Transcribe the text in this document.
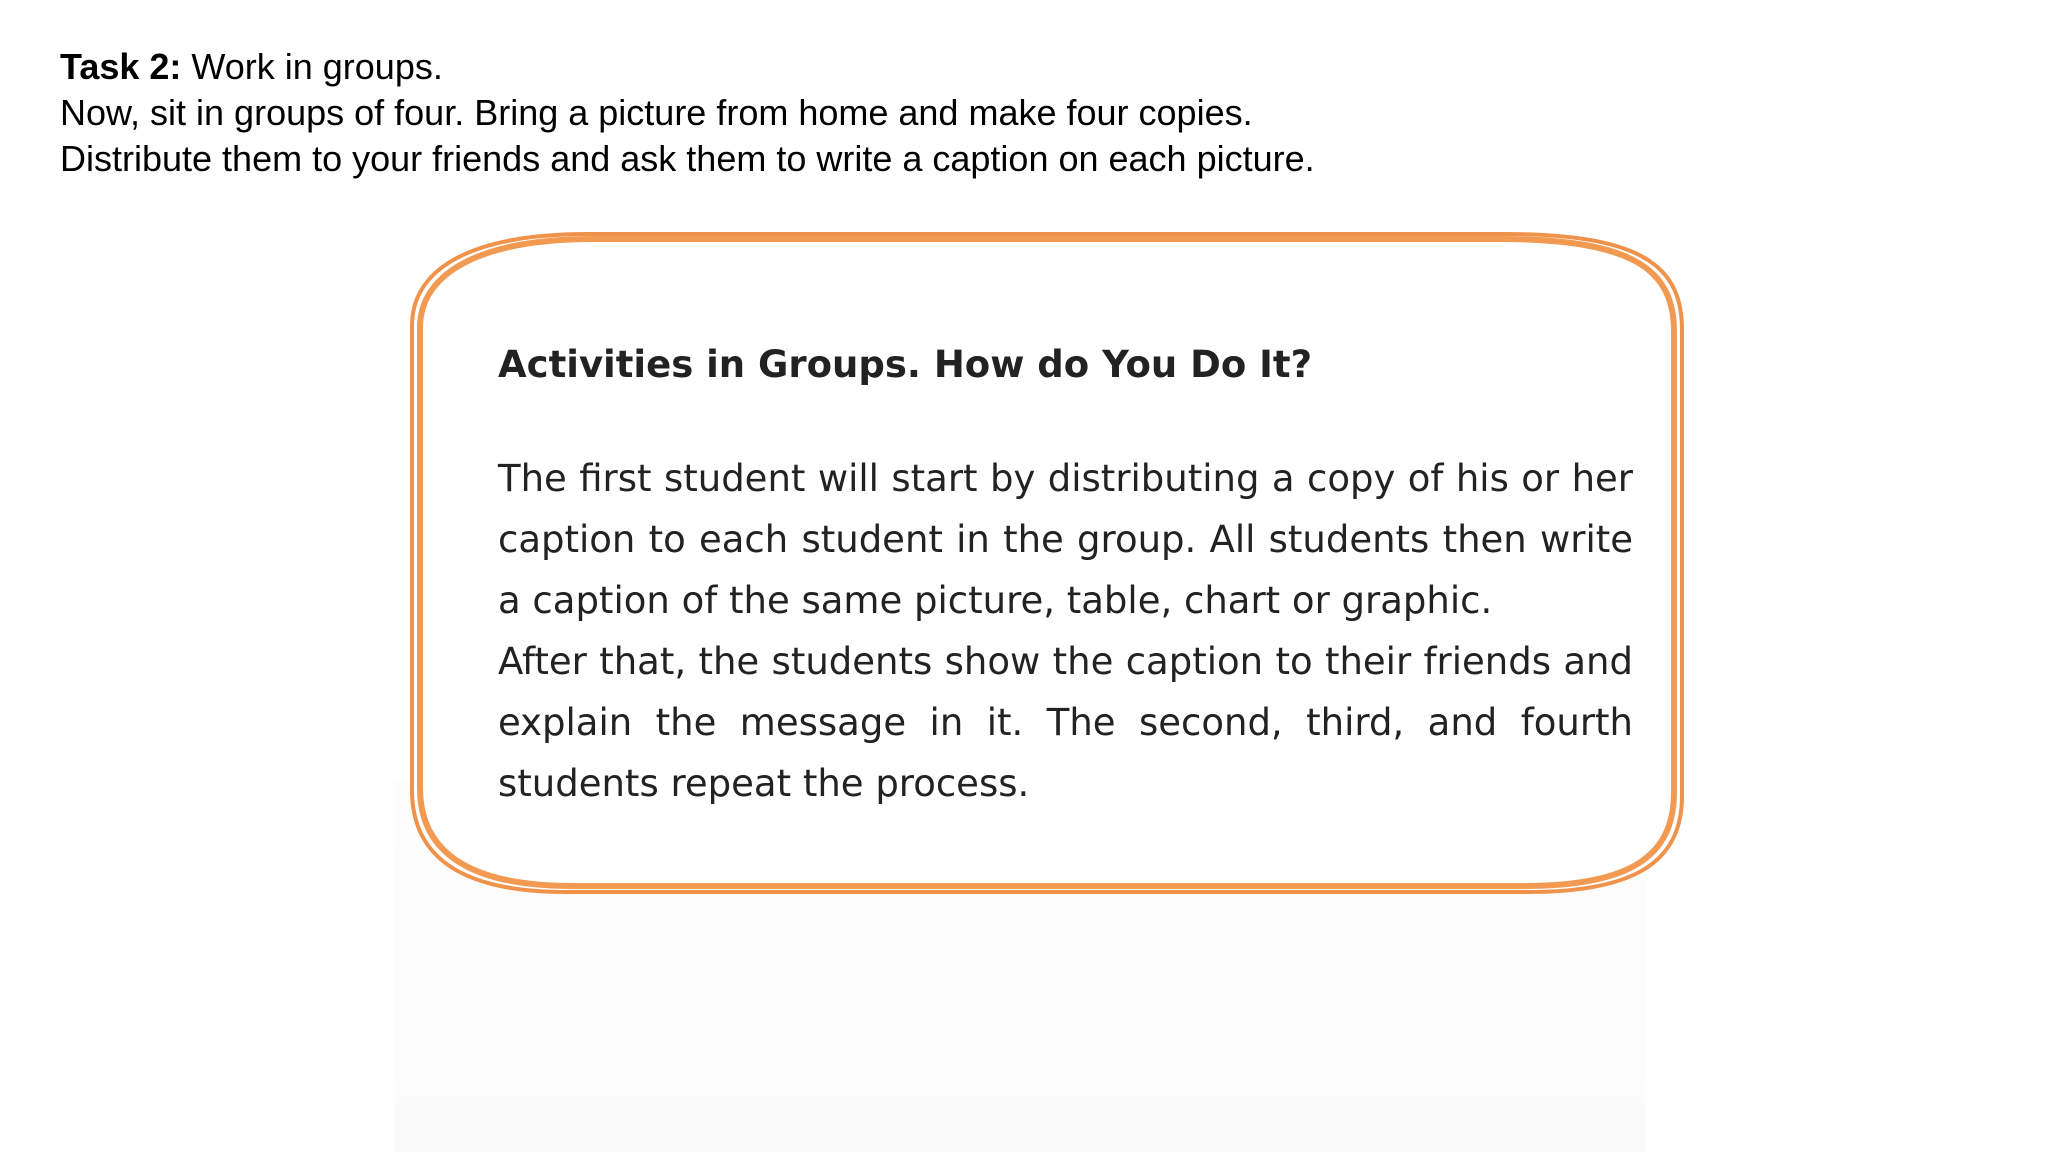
Task 2: Work in groups.
Now, sit in groups of four. Bring a picture from home and make four copies.
Distribute them to your friends and ask them to write a caption on each picture.
Activities in Groups. How do You Do It?

The first student will start by distributing a copy of his or her caption to each student in the group. All students then write a caption of the same picture, table, chart or graphic.

After that, the students show the caption to their friends and explain the message in it. The second, third, and fourth students repeat the process.
